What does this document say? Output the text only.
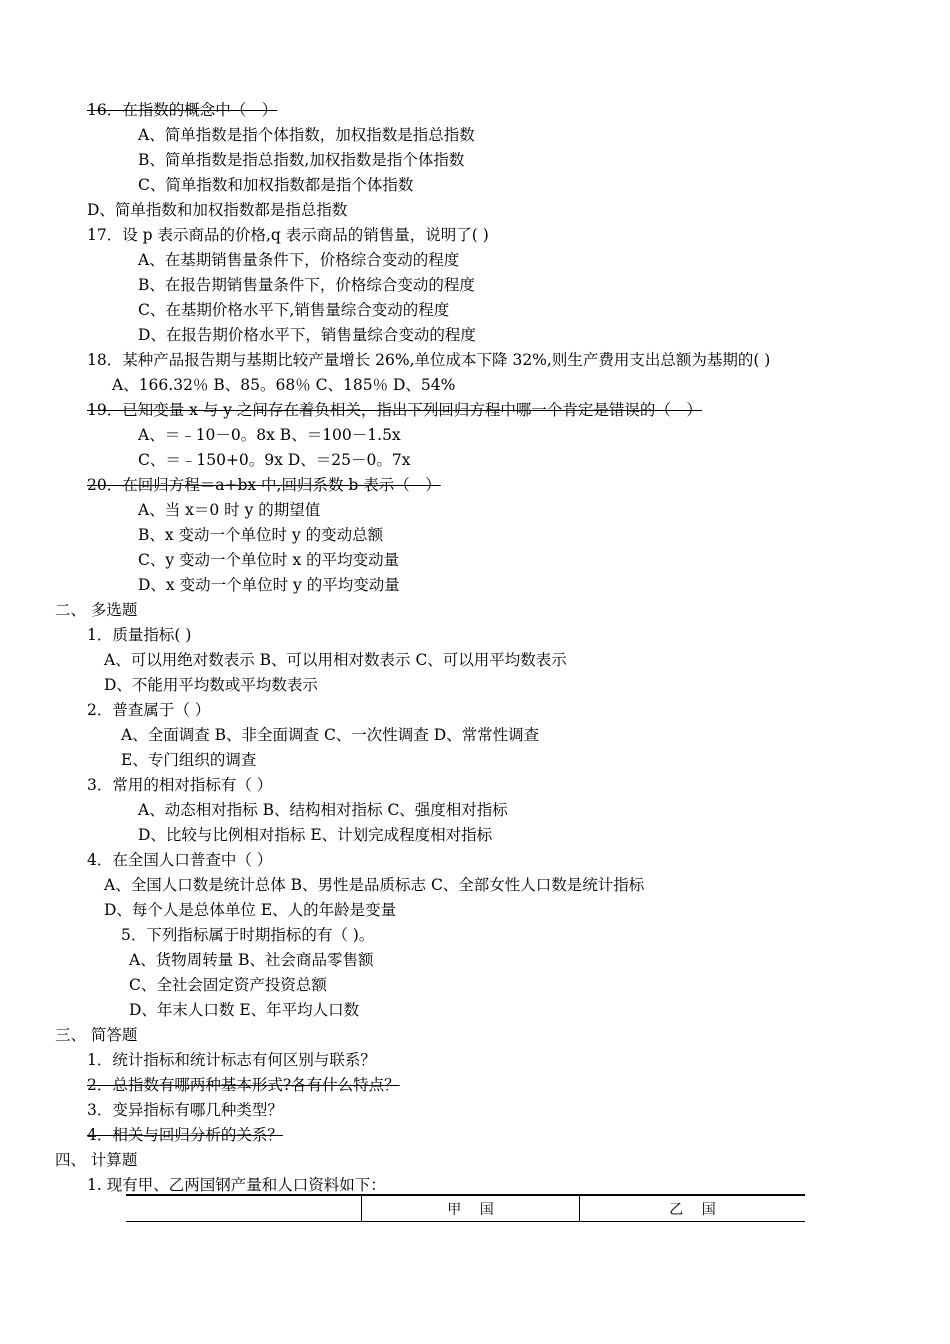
16．在指数的概念中（　）
A、简单指数是指个体指数，加权指数是指总指数
B、简单指数是指总指数,加权指数是指个体指数
C、简单指数和加权指数都是指个体指数
D、简单指数和加权指数都是指总指数
17．设 p 表示商品的价格,q 表示商品的销售量，说明了( )
A、在基期销售量条件下，价格综合变动的程度
B、在报告期销售量条件下，价格综合变动的程度
C、在基期价格水平下,销售量综合变动的程度
D、在报告期价格水平下，销售量综合变动的程度
18．某种产品报告期与基期比较产量增长 26%,单位成本下降 32%,则生产费用支出总额为基期的( )
A、166.32％ B、85。68％ C、185％ D、54%
19．已知变量 x 与 y 之间存在着负相关，指出下列回归方程中哪一个肯定是错误的（　）
A、＝﹣10－0。8x B、＝100－1.5x
C、＝﹣150+0。9x D、＝25－0。7x
20．在回归方程＝a+bx 中,回归系数 b 表示（　）
A、当 x＝0 时 y 的期望值
B、x 变动一个单位时 y 的变动总额
C、y 变动一个单位时 x 的平均变动量
D、x 变动一个单位时 y 的平均变动量
二、 多选题
1．质量指标( )
A、可以用绝对数表示 B、可以用相对数表示 C、可以用平均数表示
D、不能用平均数或平均数表示
2．普查属于（ ）
A、全面调查 B、非全面调查 C、一次性调查 D、常常性调查
E、专门组织的调查
3．常用的相对指标有（ ）
A、动态相对指标 B、结构相对指标 C、强度相对指标
D、比较与比例相对指标 E、计划完成程度相对指标
4．在全国人口普查中（ ）
A、全国人口数是统计总体 B、男性是品质标志 C、全部女性人口数是统计指标
D、每个人是总体单位 E、人的年龄是变量
5．下列指标属于时期指标的有（ )。
A、货物周转量 B、社会商品零售额
C、全社会固定资产投资总额
D、年末人口数 E、年平均人口数
三、 简答题
1．统计指标和统计标志有何区别与联系？
2．总指数有哪两种基本形式?各有什么特点？
3．变异指标有哪几种类型？
4．相关与回归分析的关系？
四、 计算题
1. 现有甲、乙两国钢产量和人口资料如下：
	甲　 国	乙　 国
